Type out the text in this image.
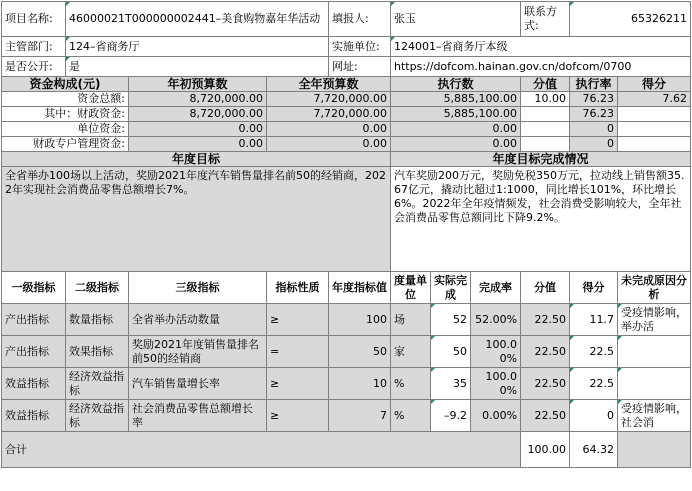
项目名称:	46000021T000000002441–美食购物嘉年华活动			填报人:	张玉			联系方式:	65326211	
主管部门:	124–省商务厅			实施单位:	124001–省商务厅本级					
是否公开:	是			网址:	https://dofcom.hainan.gov.cn/dofcom/0700					
资金构成(元)		年初预算数	全年预算数		执行数			分值	执行率	得分
资金总额:		8,720,000.00	7,720,000.00		5,885,100.00			10.00	76.23	7.62
其中：财政资金:		8,720,000.00	7,720,000.00		5,885,100.00				76.23	
单位资金:		0.00	0.00		0.00				0	
财政专户管理资金:		0.00	0.00		0.00				0	
年度目标					年度目标完成情况					
全省举办100场以上活动，奖励2021年度汽车销售量排名前50的经销商，2022年实现社会消费品零售总额增长7%。					汽车奖励200万元，奖励免税350万元，拉动线上销售额35.67亿元，撬动比超过1:1000，同比增长101%，环比增长6%。2022年全年疫情频发，社会消费受影响较大，全年社会消费品零售总额同比下降9.2%。					
一级指标	二级指标	三级指标	指标性质	年度指标值	度量单位	实际完成	完成率	分值	得分	未完成原因分析
产出指标	数量指标	全省举办活动数量	≥	100	场	52	52.00%	22.50	11.7	受疫情影响，举办活
产出指标	效果指标	奖励2021年度销售量排名前50的经销商	=	50	家	50	100.00%	22.50	22.5	
效益指标	经济效益指标	汽车销售量增长率	≥	10	%	35	100.00%	22.50	22.5	
效益指标	经济效益指标	社会消费品零售总额增长率	≥	7	%	–9.2	0.00%	22.50	0	受疫情影响，社会消
合计								100.00	64.32	
